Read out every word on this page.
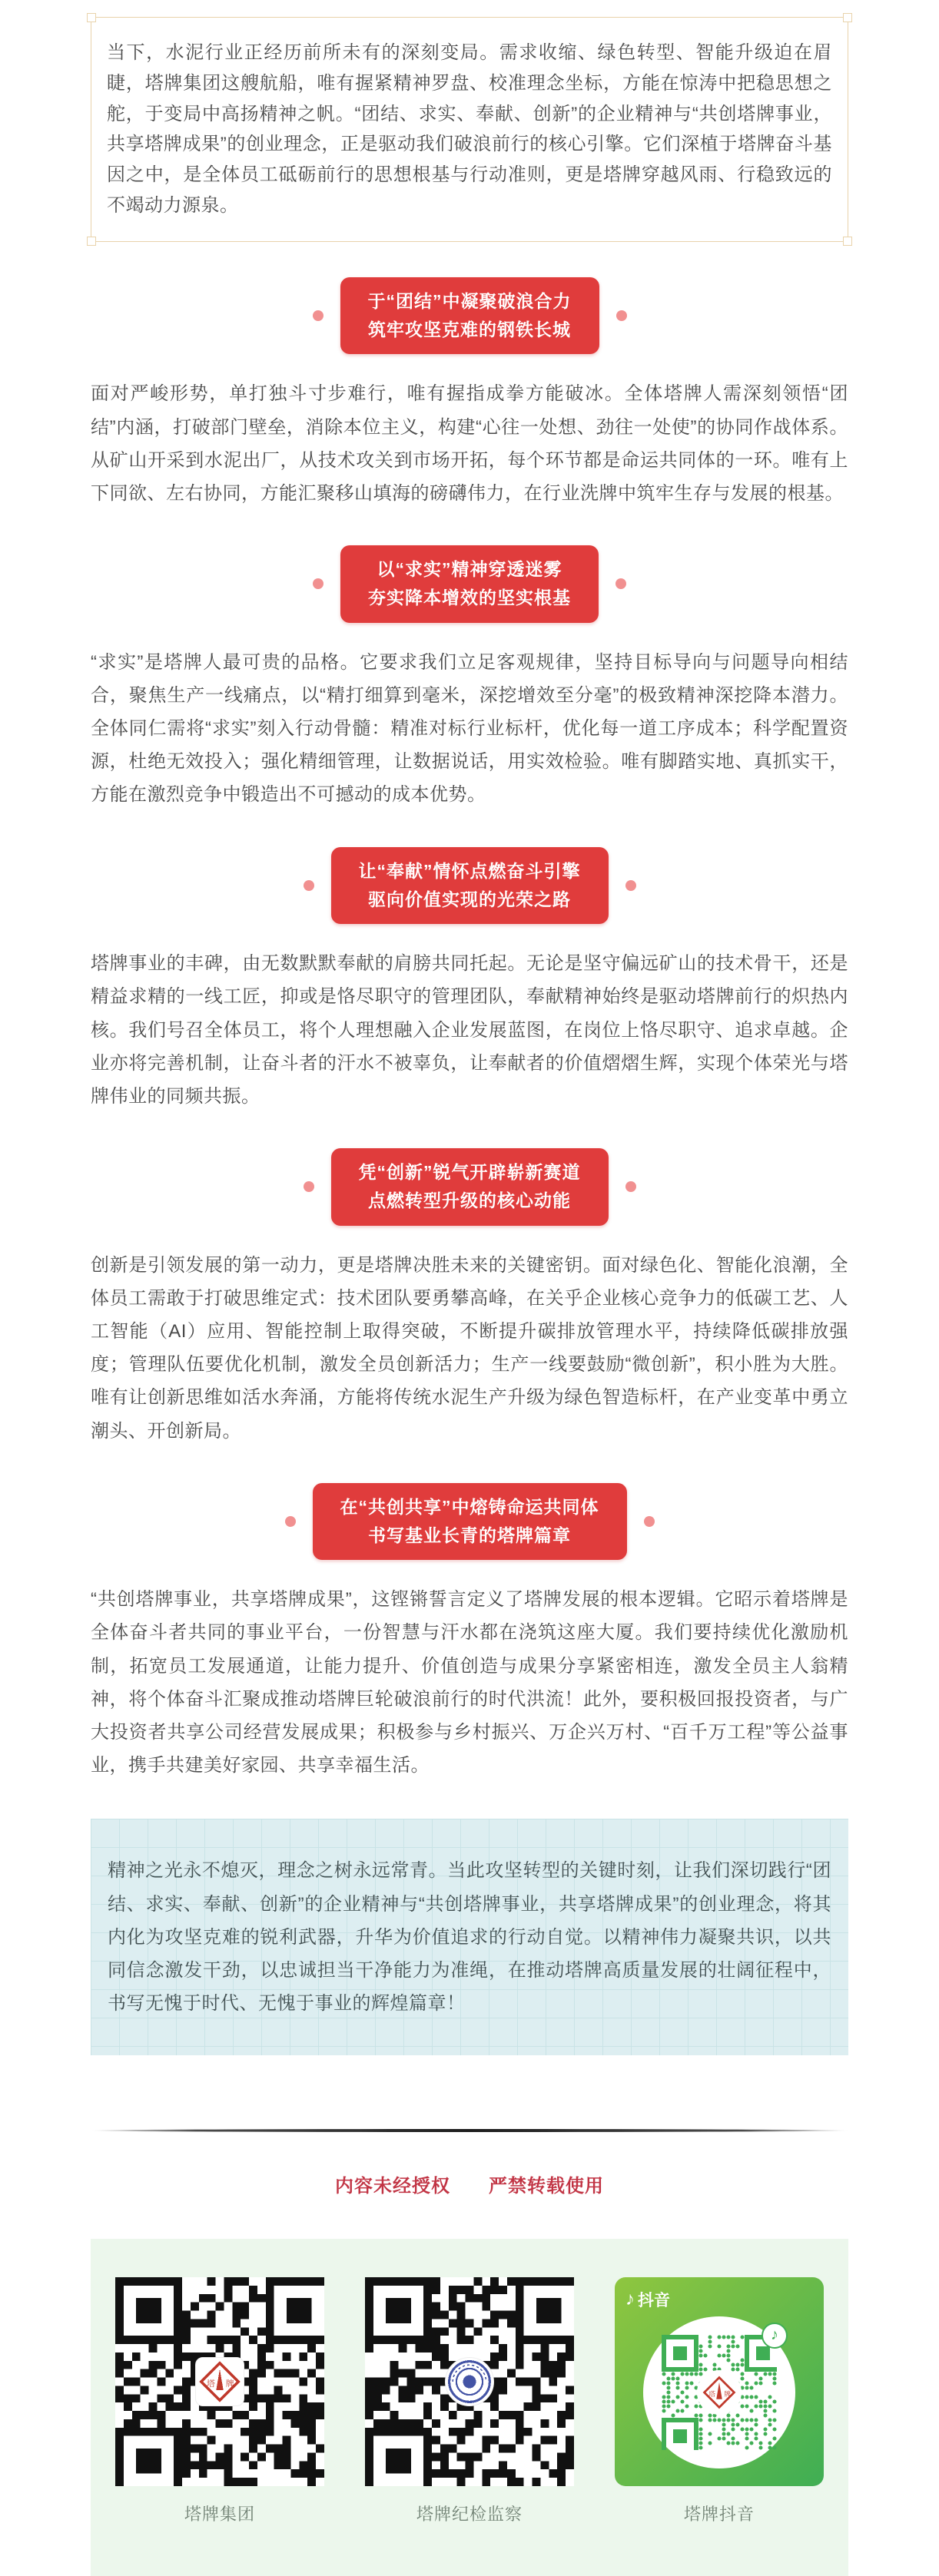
当下，水泥行业正经历前所未有的深刻变局。需求收缩、绿色转型、智能升级迫在眉睫，塔牌集团这艘航船，唯有握紧精神罗盘、校准理念坐标，方能在惊涛中把稳思想之舵，于变局中高扬精神之帆。“团结、求实、奉献、创新”的企业精神与“共创塔牌事业，共享塔牌成果”的创业理念，正是驱动我们破浪前行的核心引擎。它们深植于塔牌奋斗基因之中，是全体员工砥砺前行的思想根基与行动准则，更是塔牌穿越风雨、行稳致远的不竭动力源泉。

于“团结”中凝聚破浪合力
筑牢攻坚克难的钢铁长城

面对严峻形势，单打独斗寸步难行，唯有握指成拳方能破冰。全体塔牌人需深刻领悟“团结”内涵，打破部门壁垒，消除本位主义，构建“心往一处想、劲往一处使”的协同作战体系。从矿山开采到水泥出厂，从技术攻关到市场开拓，每个环节都是命运共同体的一环。唯有上下同欲、左右协同，方能汇聚移山填海的磅礴伟力，在行业洗牌中筑牢生存与发展的根基。

以“求实”精神穿透迷雾
夯实降本增效的坚实根基

“求实”是塔牌人最可贵的品格。它要求我们立足客观规律，坚持目标导向与问题导向相结合，聚焦生产一线痛点，以“精打细算到毫米，深挖增效至分毫”的极致精神深挖降本潜力。全体同仁需将“求实”刻入行动骨髓：精准对标行业标杆，优化每一道工序成本；科学配置资源，杜绝无效投入；强化精细管理，让数据说话，用实效检验。唯有脚踏实地、真抓实干，方能在激烈竞争中锻造出不可撼动的成本优势。

让“奉献”情怀点燃奋斗引擎
驱向价值实现的光荣之路

塔牌事业的丰碑，由无数默默奉献的肩膀共同托起。无论是坚守偏远矿山的技术骨干，还是精益求精的一线工匠，抑或是恪尽职守的管理团队，奉献精神始终是驱动塔牌前行的炽热内核。我们号召全体员工，将个人理想融入企业发展蓝图，在岗位上恪尽职守、追求卓越。企业亦将完善机制，让奋斗者的汗水不被辜负，让奉献者的价值熠熠生辉，实现个体荣光与塔牌伟业的同频共振。

凭“创新”锐气开辟崭新赛道
点燃转型升级的核心动能

创新是引领发展的第一动力，更是塔牌决胜未来的关键密钥。面对绿色化、智能化浪潮，全体员工需敢于打破思维定式：技术团队要勇攀高峰，在关乎企业核心竞争力的低碳工艺、人工智能（AI）应用、智能控制上取得突破，不断提升碳排放管理水平，持续降低碳排放强度；管理队伍要优化机制，激发全员创新活力；生产一线要鼓励“微创新”，积小胜为大胜。唯有让创新思维如活水奔涌，方能将传统水泥生产升级为绿色智造标杆，在产业变革中勇立潮头、开创新局。

在“共创共享”中熔铸命运共同体
书写基业长青的塔牌篇章

“共创塔牌事业，共享塔牌成果”，这铿锵誓言定义了塔牌发展的根本逻辑。它昭示着塔牌是全体奋斗者共同的事业平台，一份智慧与汗水都在浇筑这座大厦。我们要持续优化激励机制，拓宽员工发展通道，让能力提升、价值创造与成果分享紧密相连，激发全员主人翁精神，将个体奋斗汇聚成推动塔牌巨轮破浪前行的时代洪流！此外，要积极回报投资者，与广大投资者共享公司经营发展成果；积极参与乡村振兴、万企兴万村、“百千万工程”等公益事业，携手共建美好家园、共享幸福生活。

精神之光永不熄灭，理念之树永远常青。当此攻坚转型的关键时刻，让我们深切践行“团结、求实、奉献、创新”的企业精神与“共创塔牌事业，共享塔牌成果”的创业理念，将其内化为攻坚克难的锐利武器，升华为价值追求的行动自觉。以精神伟力凝聚共识，以共同信念激发干劲，以忠诚担当干净能力为准绳，在推动塔牌高质量发展的壮阔征程中，书写无愧于时代、无愧于事业的辉煌篇章！

内容未经授权　　严禁转载使用
塔 牌
塔牌集团	塔牌纪检监察
♪ 抖音
塔 牌
♪
塔牌抖音
